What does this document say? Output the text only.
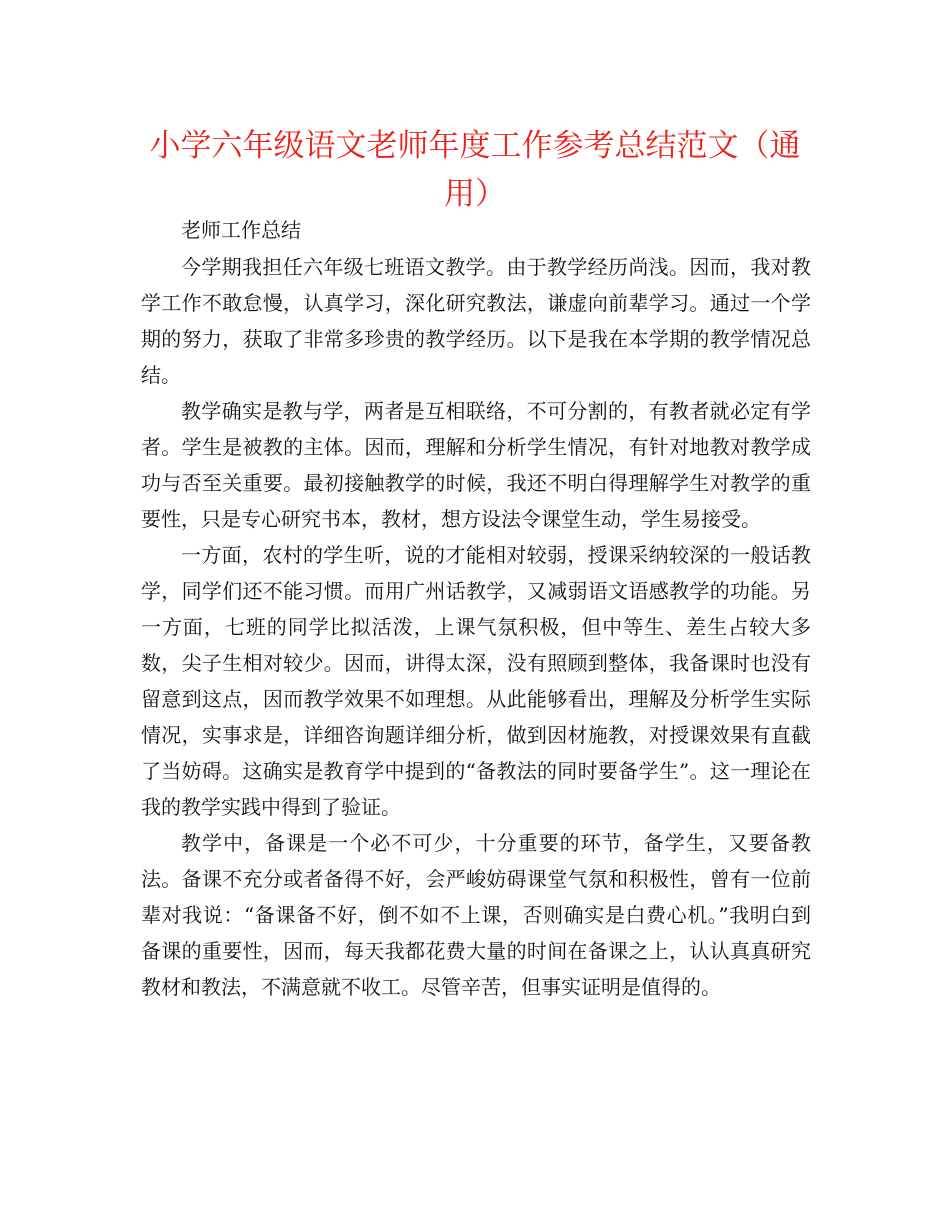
小学六年级语文老师年度工作参考总结范文（通用）

老师工作总结

今学期我担任六年级七班语文教学。由于教学经历尚浅。因而，我对教学工作不敢怠慢，认真学习，深化研究教法，谦虚向前辈学习。通过一个学期的努力，获取了非常多珍贵的教学经历。以下是我在本学期的教学情况总结。

教学确实是教与学，两者是互相联络，不可分割的，有教者就必定有学者。学生是被教的主体。因而，理解和分析学生情况，有针对地教对教学成功与否至关重要。最初接触教学的时候，我还不明白得理解学生对教学的重要性，只是专心研究书本，教材，想方设法令课堂生动，学生易接受。

一方面，农村的学生听，说的才能相对较弱，授课采纳较深的一般话教学，同学们还不能习惯。而用广州话教学，又减弱语文语感教学的功能。另一方面，七班的同学比拟活泼，上课气氛积极，但中等生、差生占较大多数，尖子生相对较少。因而，讲得太深，没有照顾到整体，我备课时也没有留意到这点，因而教学效果不如理想。从此能够看出，理解及分析学生实际情况，实事求是，详细咨询题详细分析，做到因材施教，对授课效果有直截了当妨碍。这确实是教育学中提到的“备教法的同时要备学生”。这一理论在我的教学实践中得到了验证。

教学中，备课是一个必不可少，十分重要的环节，备学生，又要备教法。备课不充分或者备得不好，会严峻妨碍课堂气氛和积极性，曾有一位前辈对我说：“备课备不好，倒不如不上课，否则确实是白费心机。”我明白到备课的重要性，因而，每天我都花费大量的时间在备课之上，认认真真研究教材和教法，不满意就不收工。尽管辛苦，但事实证明是值得的。
